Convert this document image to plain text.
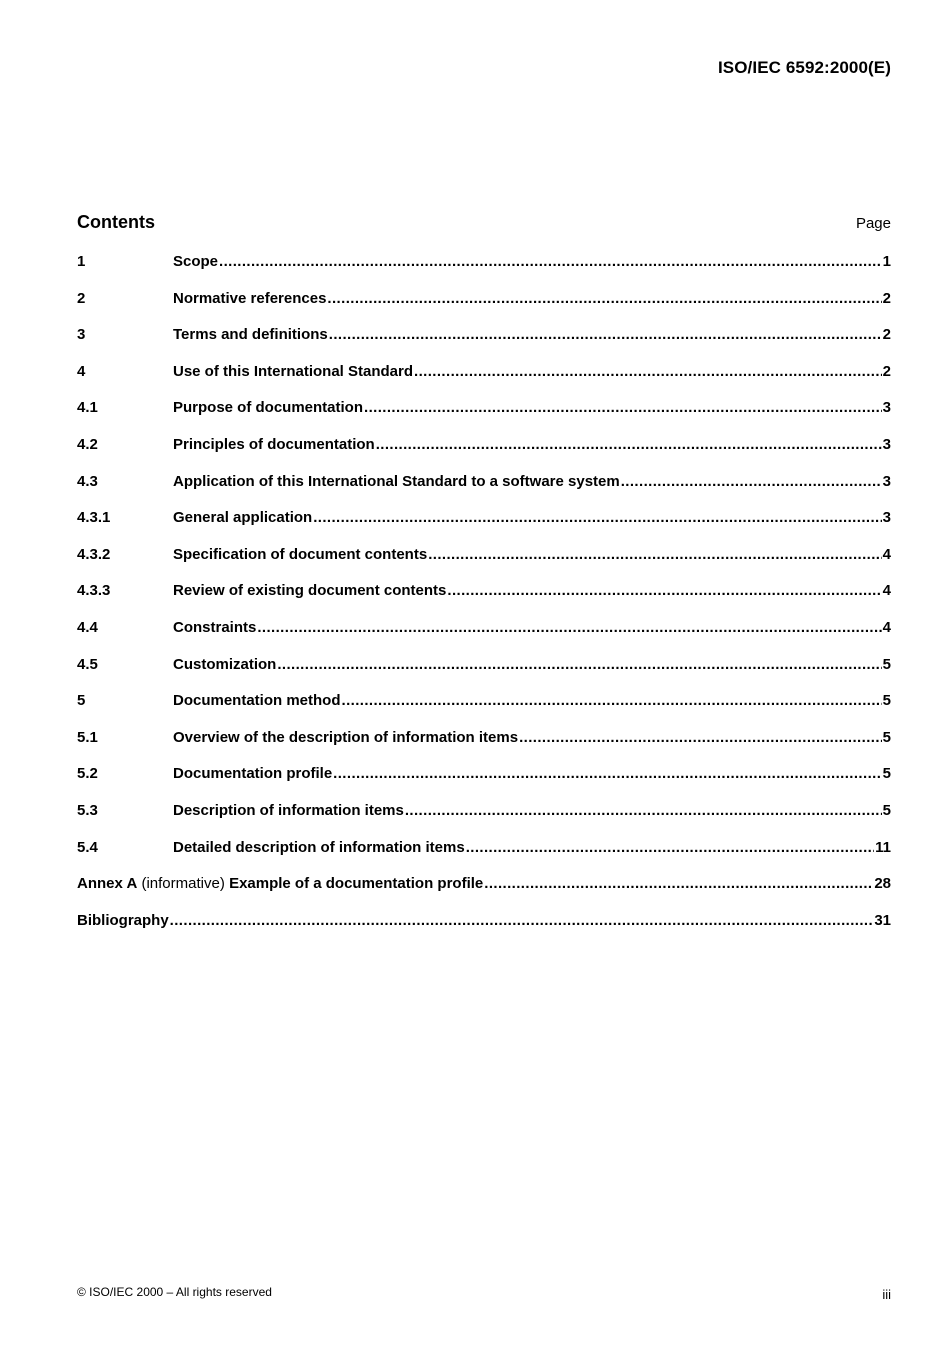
ISO/IEC 6592:2000(E)
Contents	Page
1	Scope .....	1
2	Normative references .....	2
3	Terms and definitions .....	2
4	Use of this International Standard .....	2
4.1	Purpose of documentation .....	3
4.2	Principles of documentation .....	3
4.3	Application of this International Standard to a software system .....	3
4.3.1	General application .....	3
4.3.2	Specification of document contents .....	4
4.3.3	Review of existing document contents .....	4
4.4	Constraints .....	4
4.5	Customization .....	5
5	Documentation method .....	5
5.1	Overview of the description of information items .....	5
5.2	Documentation profile .....	5
5.3	Description of information items .....	5
5.4	Detailed description of information items .....	11
Annex A (informative) Example of a documentation profile .....	28
Bibliography .....	31
© ISO/IEC 2000 – All rights reserved	iii
